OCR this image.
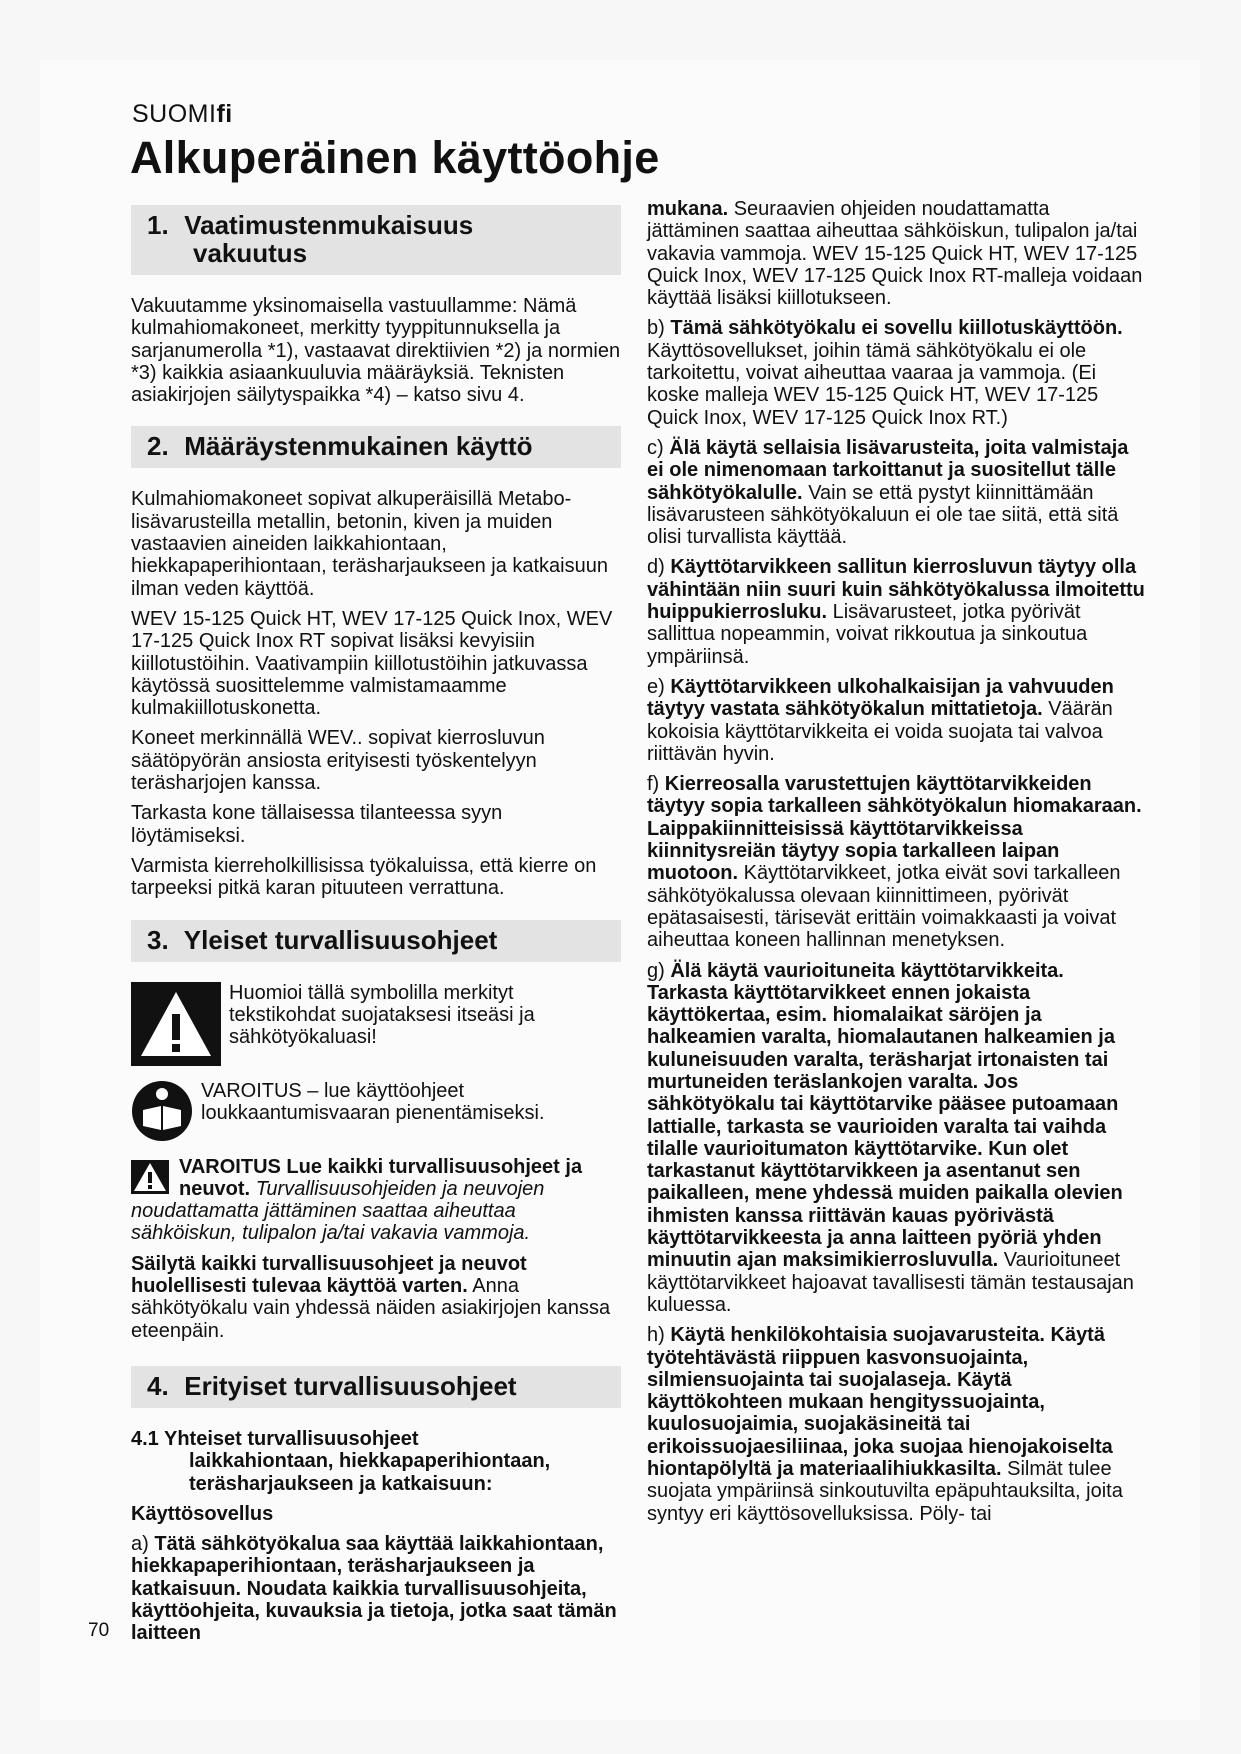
SUOMIfi
Alkuperäinen käyttöohje
1. Vaatimustenmukaisuus
vakuutus

Vakuutamme yksinomaisella vastuullamme: Nämä kulmahiomakoneet, merkitty tyyppitunnuksella ja sarjanumerolla *1), vastaavat direktiivien *2) ja normien *3) kaikkia asiaankuuluvia määräyksiä. Teknisten asiakirjojen säilytyspaikka *4) – katso sivu 4.

2. Määräystenmukainen käyttö

Kulmahiomakoneet sopivat alkuperäisillä Metabo-lisävarusteilla metallin, betonin, kiven ja muiden vastaavien aineiden laikkahiontaan, hiekkapaperihiontaan, teräsharjaukseen ja katkaisuun ilman veden käyttöä.

WEV 15-125 Quick HT, WEV 17-125 Quick Inox, WEV 17-125 Quick Inox RT sopivat lisäksi kevyisiin kiillotustöihin. Vaativampiin kiillotustöihin jatkuvassa käytössä suosittelemme valmistamaamme kulmakiillotuskonetta.

Koneet merkinnällä WEV.. sopivat kierrosluvun säätöpyörän ansiosta erityisesti työskentelyyn teräsharjojen kanssa.

Tarkasta kone tällaisessa tilanteessa syyn löytämiseksi.

Varmista kierreholkillisissa työkaluissa, että kierre on tarpeeksi pitkä karan pituuteen verrattuna.

3. Yleiset turvallisuusohjeet
Huomioi tällä symbolilla merkityt tekstikohdat suojataksesi itseäsi ja sähkötyökaluasi!
VAROITUS – lue käyttöohjeet loukkaantumisvaaran pienentämiseksi.

VAROITUS Lue kaikki turvallisuusohjeet ja neuvot. Turvallisuusohjeiden ja neuvojen noudattamatta jättäminen saattaa aiheuttaa sähköiskun, tulipalon ja/tai vakavia vammoja.

Säilytä kaikki turvallisuusohjeet ja neuvot huolellisesti tulevaa käyttöä varten. Anna sähkötyökalu vain yhdessä näiden asiakirjojen kanssa eteenpäin.

4. Erityiset turvallisuusohjeet
4.1 Yhteiset turvallisuusohjeet
laikkahiontaan, hiekkapaperihiontaan,
teräsharjaukseen ja katkaisuun:

Käyttösovellus

a) Tätä sähkötyökalua saa käyttää laikkahiontaan, hiekkapaperihiontaan, teräsharjaukseen ja katkaisuun. Noudata kaikkia turvallisuusohjeita, käyttöohjeita, kuvauksia ja tietoja, jotka saat tämän laitteen

mukana. Seuraavien ohjeiden noudattamatta jättäminen saattaa aiheuttaa sähköiskun, tulipalon ja/tai vakavia vammoja. WEV 15-125 Quick HT, WEV 17-125 Quick Inox, WEV 17-125 Quick Inox RT-malleja voidaan käyttää lisäksi kiillotukseen.

b) Tämä sähkötyökalu ei sovellu kiillotuskäyttöön. Käyttösovellukset, joihin tämä sähkötyökalu ei ole tarkoitettu, voivat aiheuttaa vaaraa ja vammoja. (Ei koske malleja WEV 15-125 Quick HT, WEV 17-125 Quick Inox, WEV 17-125 Quick Inox RT.)

c) Älä käytä sellaisia lisävarusteita, joita valmistaja ei ole nimenomaan tarkoittanut ja suositellut tälle sähkötyökalulle. Vain se että pystyt kiinnittämään lisävarusteen sähkötyökaluun ei ole tae siitä, että sitä olisi turvallista käyttää.

d) Käyttötarvikkeen sallitun kierrosluvun täytyy olla vähintään niin suuri kuin sähkötyökalussa ilmoitettu huippukierrosluku. Lisävarusteet, jotka pyörivät sallittua nopeammin, voivat rikkoutua ja sinkoutua ympäriinsä.

e) Käyttötarvikkeen ulkohalkaisijan ja vahvuuden täytyy vastata sähkötyökalun mittatietoja. Väärän kokoisia käyttötarvikkeita ei voida suojata tai valvoa riittävän hyvin.

f) Kierreosalla varustettujen käyttötarvikkeiden täytyy sopia tarkalleen sähkötyökalun hiomakaraan. Laippakiinnitteisissä käyttötarvikkeissa kiinnitysreiän täytyy sopia tarkalleen laipan muotoon. Käyttötarvikkeet, jotka eivät sovi tarkalleen sähkötyökalussa olevaan kiinnittimeen, pyörivät epätasaisesti, tärisevät erittäin voimakkaasti ja voivat aiheuttaa koneen hallinnan menetyksen.

g) Älä käytä vaurioituneita käyttötarvikkeita. Tarkasta käyttötarvikkeet ennen jokaista käyttökertaa, esim. hiomalaikat säröjen ja halkeamien varalta, hiomalautanen halkeamien ja kuluneisuuden varalta, teräsharjat irtonaisten tai murtuneiden teräslankojen varalta. Jos sähkötyökalu tai käyttötarvike pääsee putoamaan lattialle, tarkasta se vaurioiden varalta tai vaihda tilalle vaurioitumaton käyttötarvike. Kun olet tarkastanut käyttötarvikkeen ja asentanut sen paikalleen, mene yhdessä muiden paikalla olevien ihmisten kanssa riittävän kauas pyörivästä käyttötarvikkeesta ja anna laitteen pyöriä yhden minuutin ajan maksimikierrosluvulla. Vaurioituneet käyttötarvikkeet hajoavat tavallisesti tämän testausajan kuluessa.

h) Käytä henkilökohtaisia suojavarusteita. Käytä työtehtävästä riippuen kasvonsuojainta, silmiensuojainta tai suojalaseja. Käytä käyttökohteen mukaan hengityssuojainta, kuulosuojaimia, suojakäsineitä tai erikoissuojaesiliinaa, joka suojaa hienojakoiselta hiontapölyltä ja materiaalihiukkasilta. Silmät tulee suojata ympäriinsä sinkoutuvilta epäpuhtauksilta, joita syntyy eri käyttösovelluksissa. Pöly- tai

70
